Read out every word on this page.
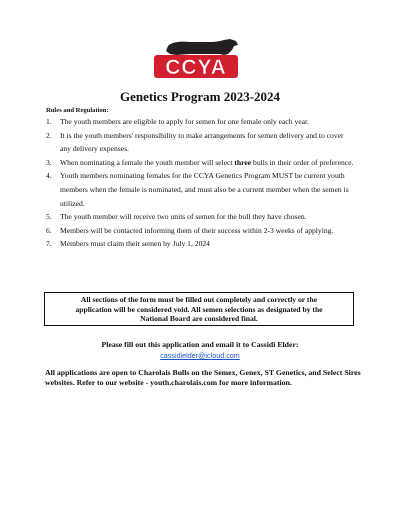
CCYA
Genetics Program 2023-2024
Rules and Regulation:
1. The youth members are eligible to apply for semen for one female only each year.
2. It is the youth members' responsibility to make arrangements for semen delivery and to cover any delivery expenses.
3. When nominating a female the youth member will select three bulls in their order of preference.
4. Youth members nominating females for the CCYA Genetics Program MUST be current youth members when the female is nominated, and must also be a current member when the semen is utilized.
5. The youth member will receive two units of semen for the bull they have chosen.
6. Members will be contacted informing them of their success within 2-3 weeks of applying.
7. Members must claim their semen by July 1, 2024
All sections of the form must be filled out completely and correctly or the
application will be considered void. All semen selections as designated by the
National Board are considered final.
Please fill out this application and email it to Cassidi Elder:
cassidielder@icloud.com
All applications are open to Charolais Bulls on the Semex, Genex, ST Genetics, and Select Sires websites. Refer to our website - youth.charolais.com for more information.
